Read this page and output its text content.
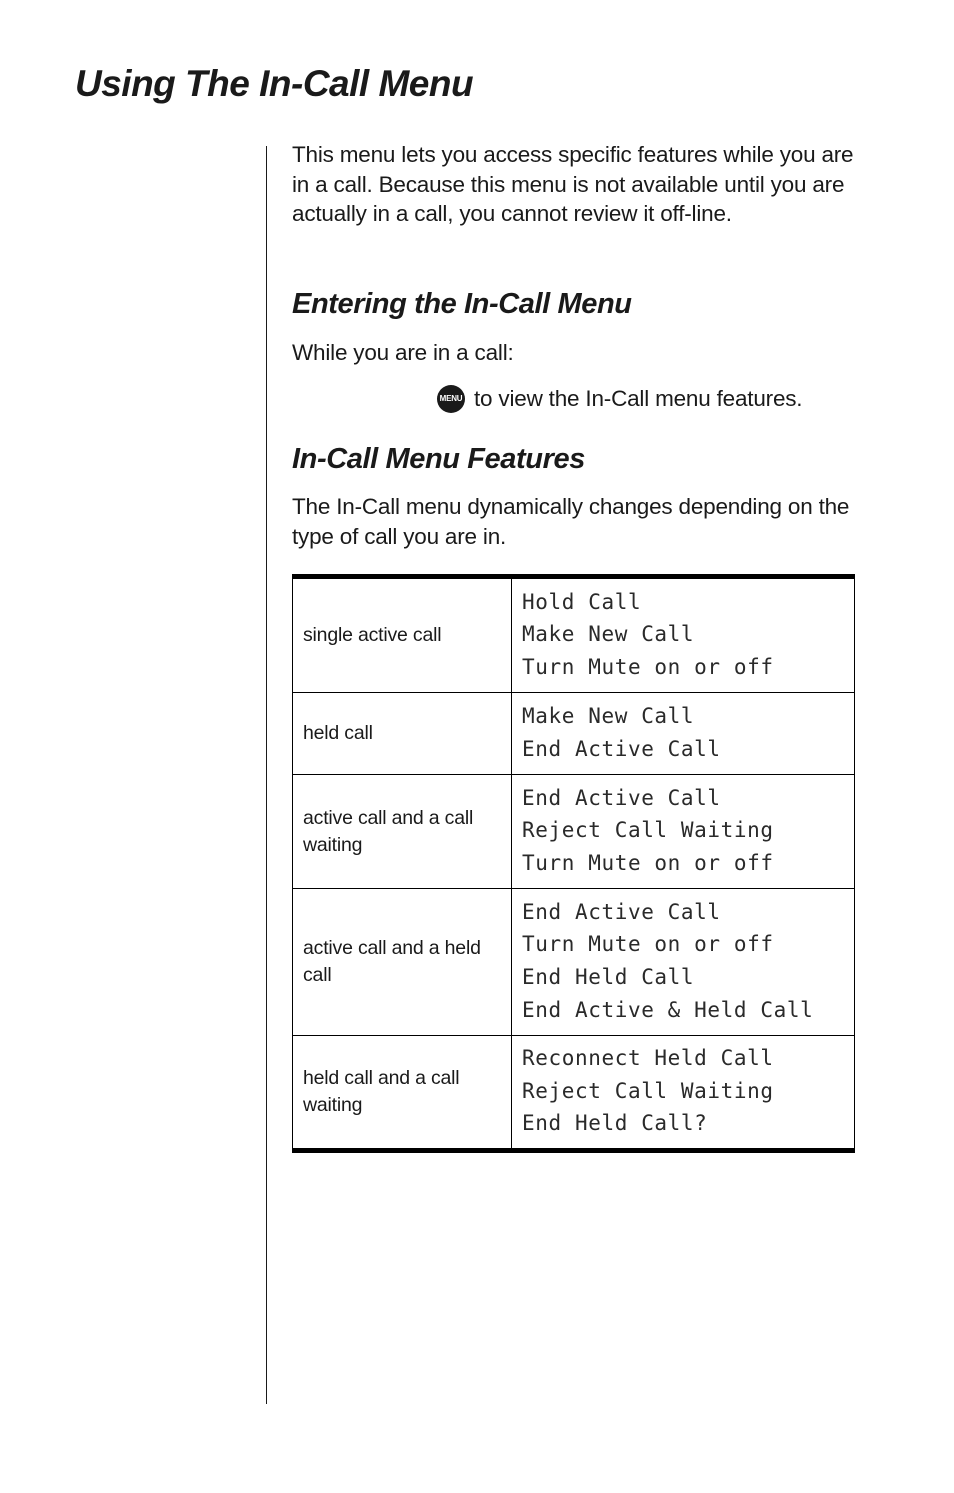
Using The In-Call Menu

This menu lets you access specific features while you are in a call. Because this menu is not available until you are actually in a call, you cannot review it off-line.

Entering the In-Call Menu

While you are in a call:

MENU to view the In-Call menu features.
In-Call Menu Features

The In-Call menu dynamically changes depending on the type of call you are in.

single active call	Hold Call
Make New Call
Turn Mute on or off

held call	Make New Call
End Active Call

active call and a call waiting	End Active Call
Reject Call Waiting
Turn Mute on or off

active call and a held call	End Active Call
Turn Mute on or off
End Held Call
End Active & Held Call

held call and a call waiting	Reconnect Held Call
Reject Call Waiting
End Held Call?
